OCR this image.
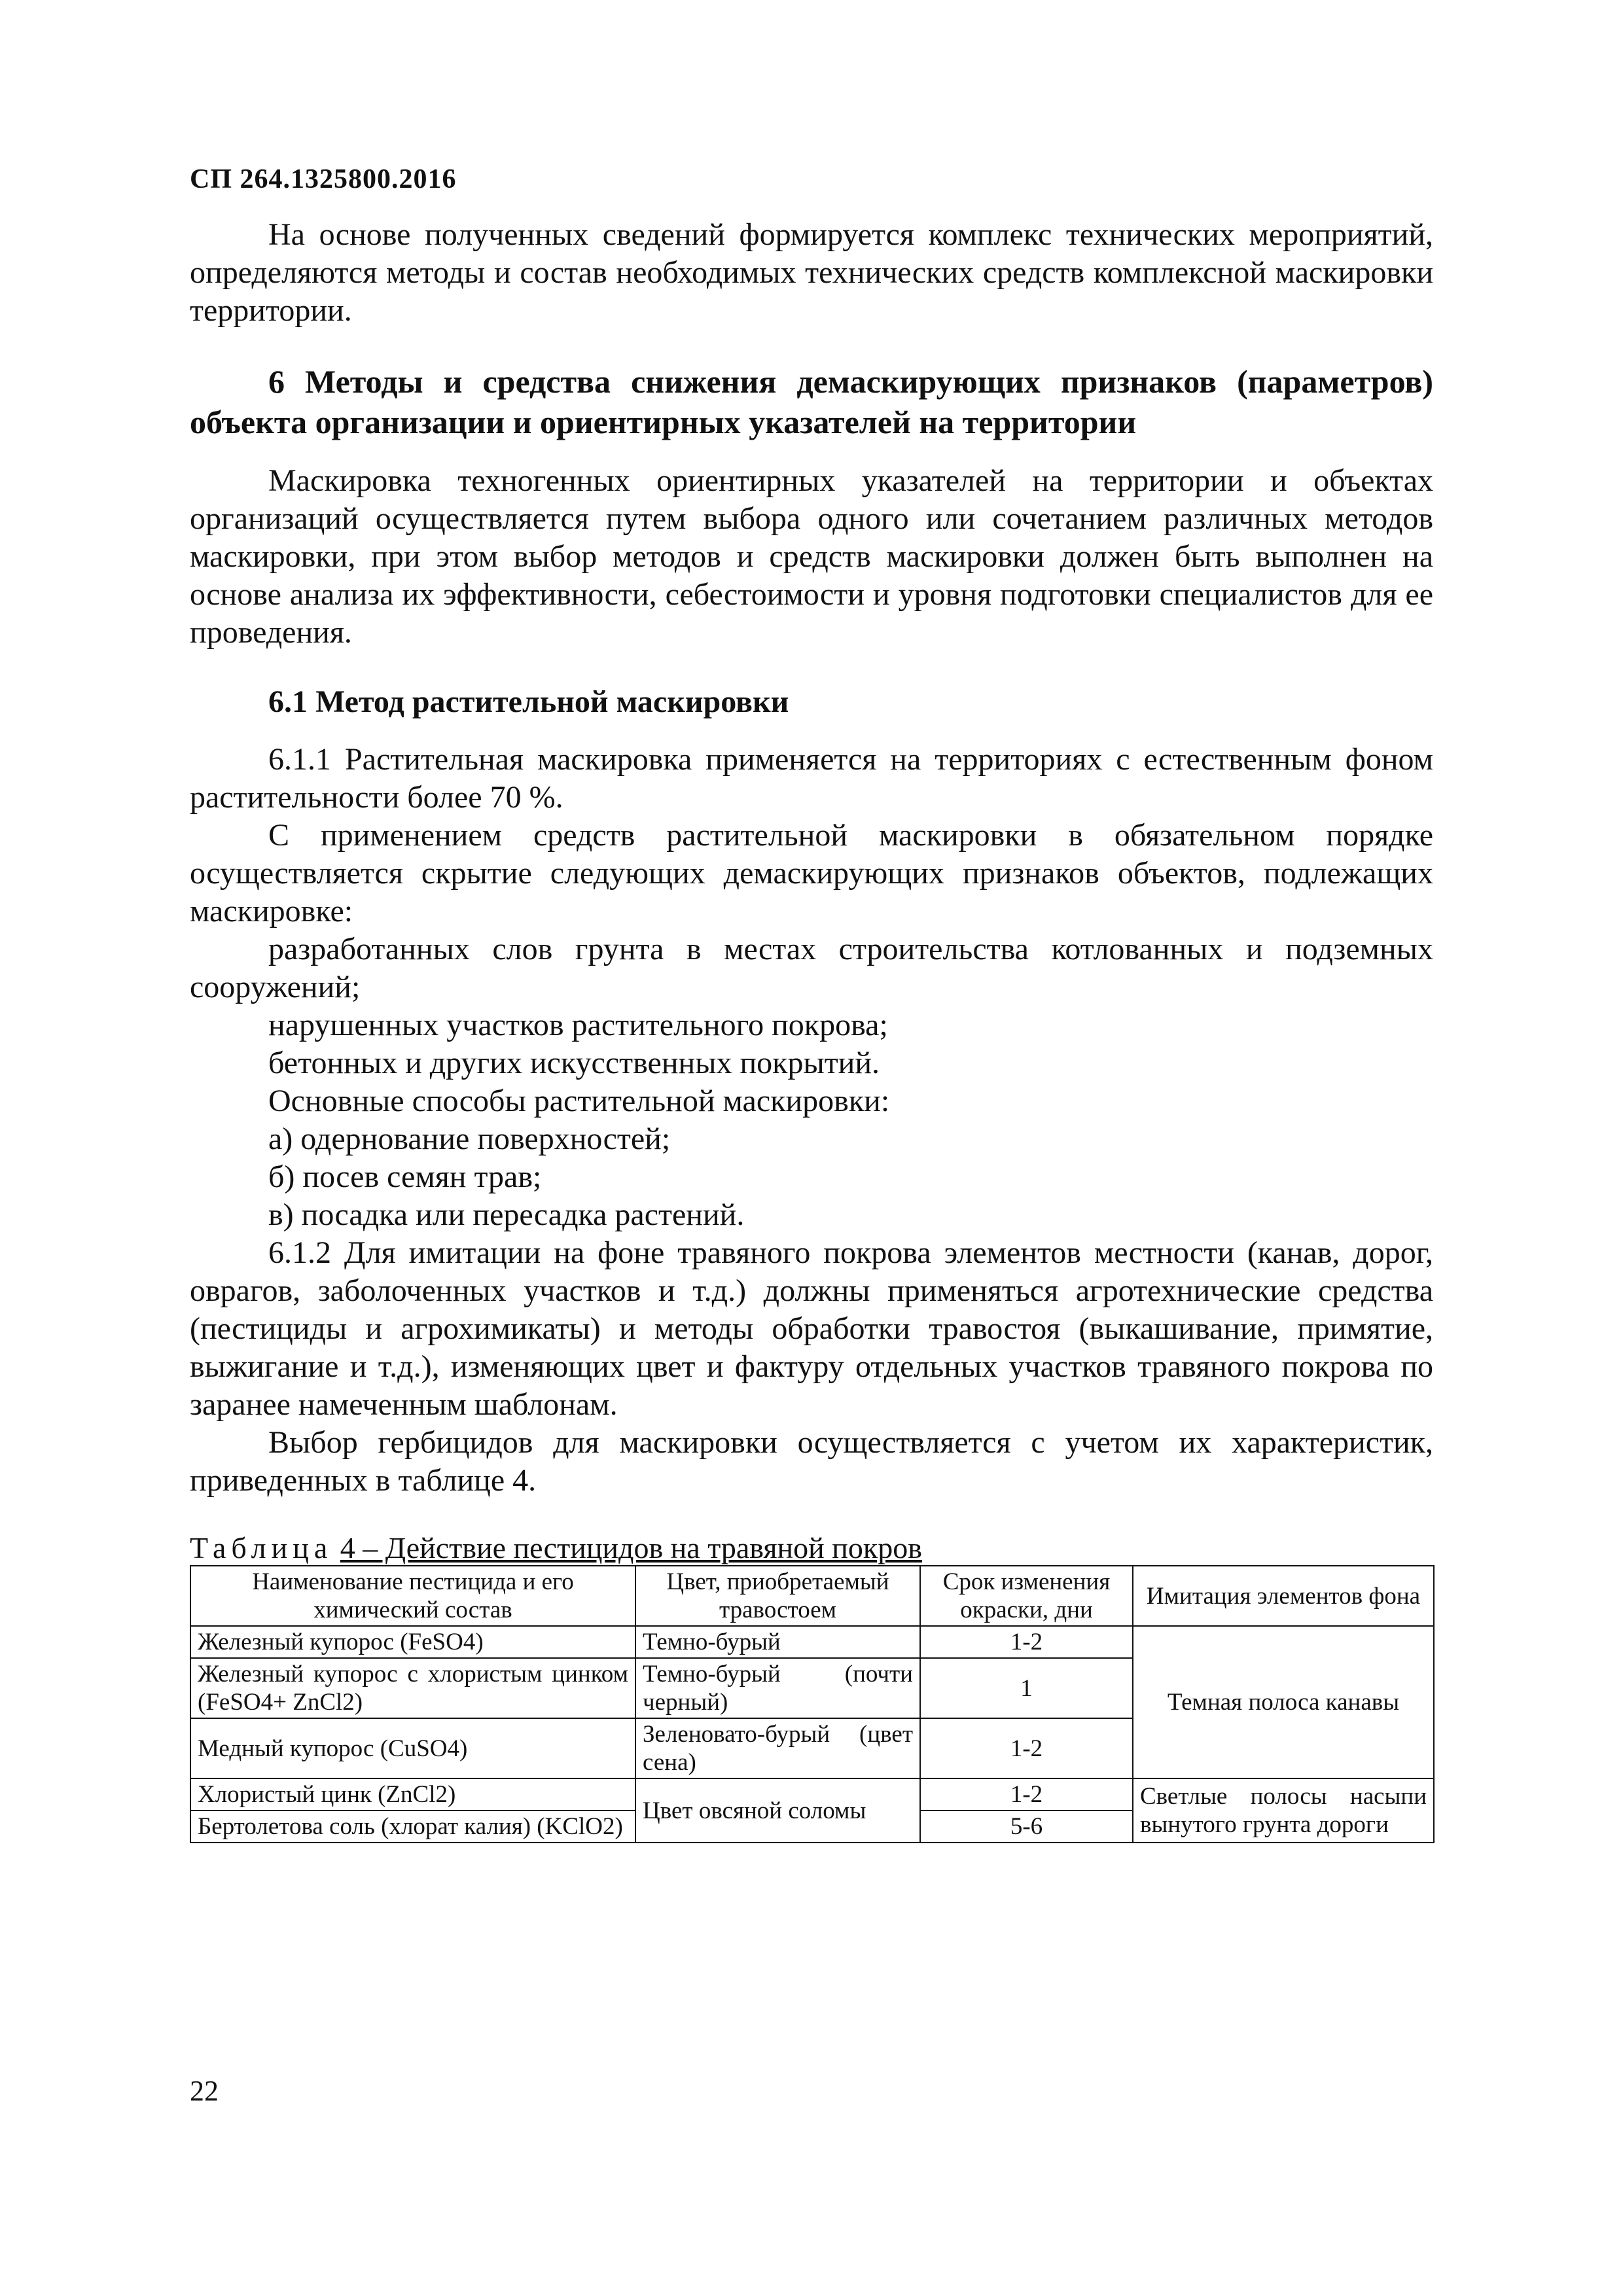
СП 264.1325800.2016

На основе полученных сведений формируется комплекс технических мероприятий, определяются методы и состав необходимых технических средств комплексной маскировки территории.

6 Методы и средства снижения демаскирующих признаков (параметров) объекта организации и ориентирных указателей на территории

Маскировка техногенных ориентирных указателей на территории и объектах организаций осуществляется путем выбора одного или сочетанием различных методов маскировки, при этом выбор методов и средств маскировки должен быть выполнен на основе анализа их эффективности, себестоимости и уровня подготовки специалистов для ее проведения.

6.1 Метод растительной маскировки

6.1.1 Растительная маскировка применяется на территориях с естественным фоном растительности более 70 %.

С применением средств растительной маскировки в обязательном порядке осуществляется скрытие следующих демаскирующих признаков объектов, подлежащих маскировке:

разработанных слов грунта в местах строительства котлованных и подземных сооружений;

нарушенных участков растительного покрова;

бетонных и других искусственных покрытий.

Основные способы растительной маскировки:

а) одернование поверхностей;

б) посев семян трав;

в) посадка или пересадка растений.

6.1.2 Для имитации на фоне травяного покрова элементов местности (канав, дорог, оврагов, заболоченных участков и т.д.) должны применяться агротехнические средства (пестициды и агрохимикаты) и методы обработки травостоя (выкашивание, примятие, выжигание и т.д.), изменяющих цвет и фактуру отдельных участков травяного покрова по заранее намеченным шаблонам.

Выбор гербицидов для маскировки осуществляется с учетом их характеристик, приведенных в таблице 4.

Таблица 4 – Действие пестицидов на травяной покров

Наименование пестицида и его химический состав	Цвет, приобретаемый травостоем	Срок изменения окраски, дни	Имитация элементов фона
Железный купорос (FeSO4)	Темно-бурый	1-2	Темная полоса канавы
Железный купорос с хлористым цинком (FeSO4+ ZnCl2)	Темно-бурый (почти черный)	1	
Медный купорос (CuSO4)	Зеленовато-бурый (цвет сена)	1-2	
Хлористый цинк (ZnCl2)	Цвет овсяной соломы	1-2	Светлые полосы насыпи вынутого грунта дороги
Бертолетова соль (хлорат калия) (KClO2)		5-6	
22
